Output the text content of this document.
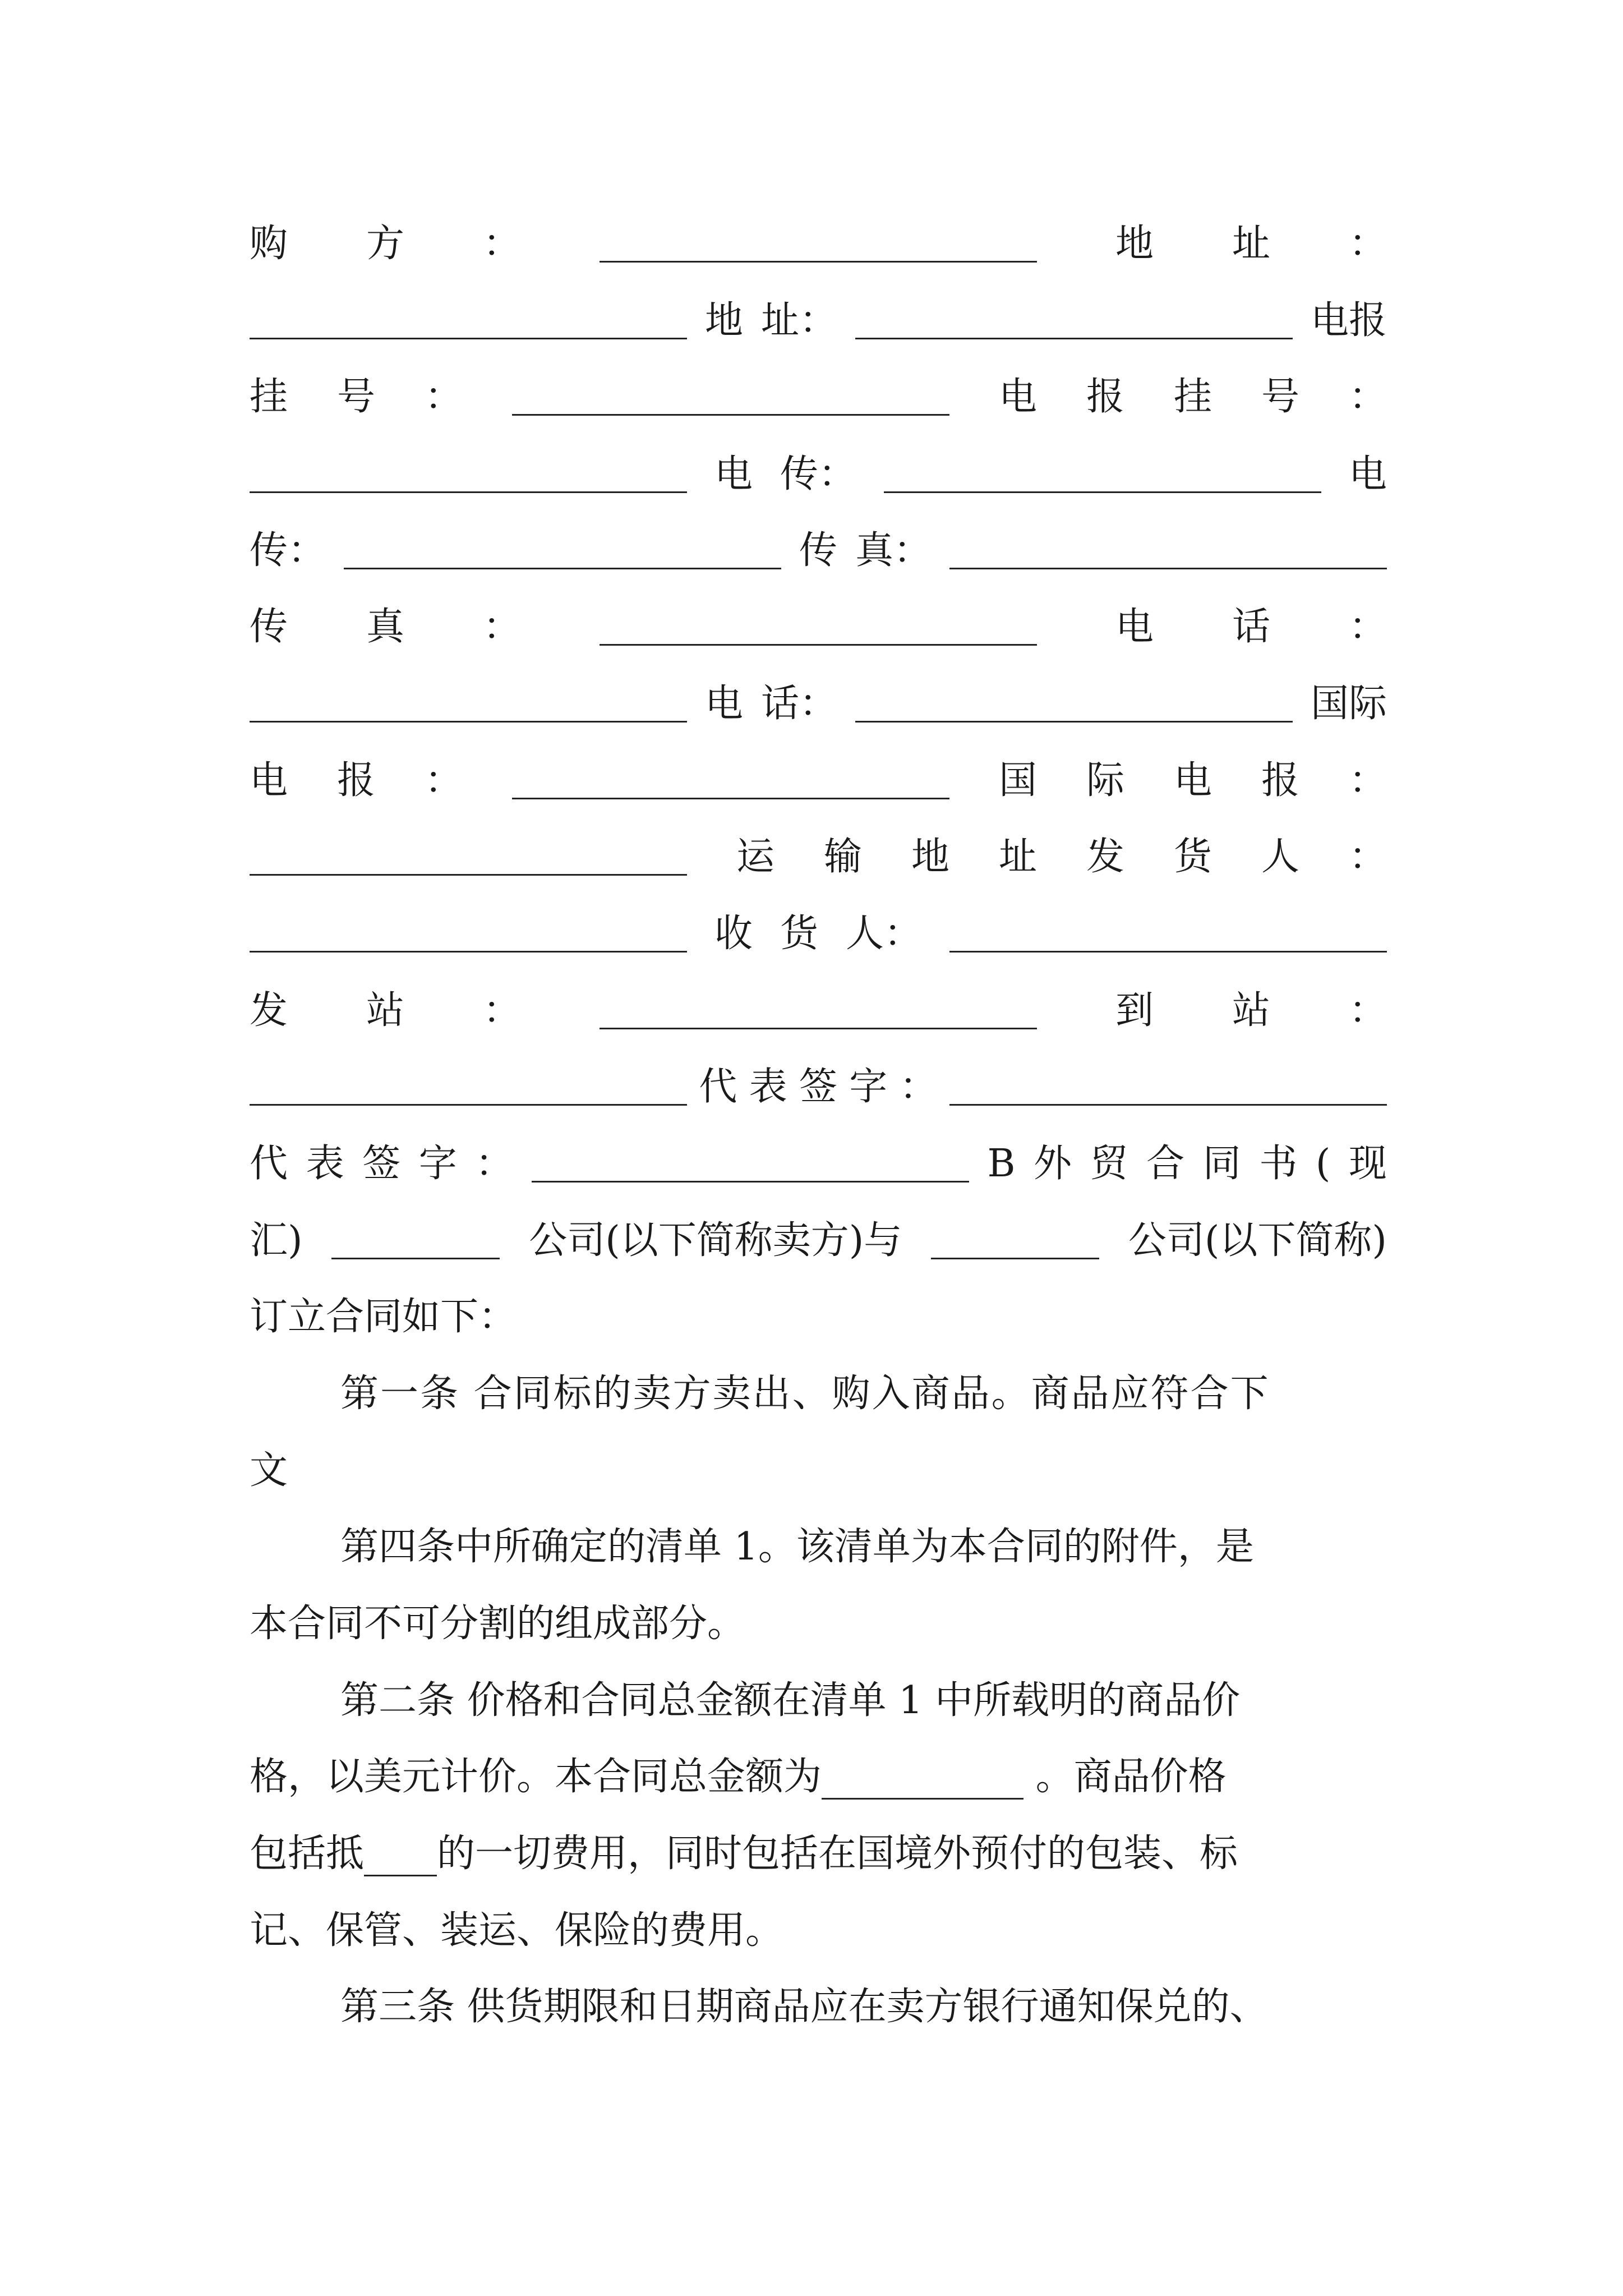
购 方 ：	地 址 ：
地 址：	电报
挂 号 ：	电 报 挂 号 ：
电 传：	电
传：	传 真：
传 真 ：	电 话 ：
电 话：	国际
电 报 ：	国 际 电 报 ：
运 输 地 址 发 货 人 ：
收 货 人：
发 站 ：	到 站 ：
代 表 签 字 ：
代 表 签 字 ：	B 外 贸 合 同 书 ( 现
汇)	公司(以下简称卖方)与	公司(以下简称)
订立合同如下：
第一条 合同标的卖方卖出、购入商品。商品应符合下
文
第四条中所确定的清单 1。该清单为本合同的附件，是
本合同不可分割的组成部分。
第二条 价格和合同总金额在清单 1 中所载明的商品价
格，以美元计价。本合同总金额为	。商品价格
包括抵 的一切费用，同时包括在国境外预付的包装、标
记、保管、装运、保险的费用。
第三条 供货期限和日期商品应在卖方银行通知保兑的、
